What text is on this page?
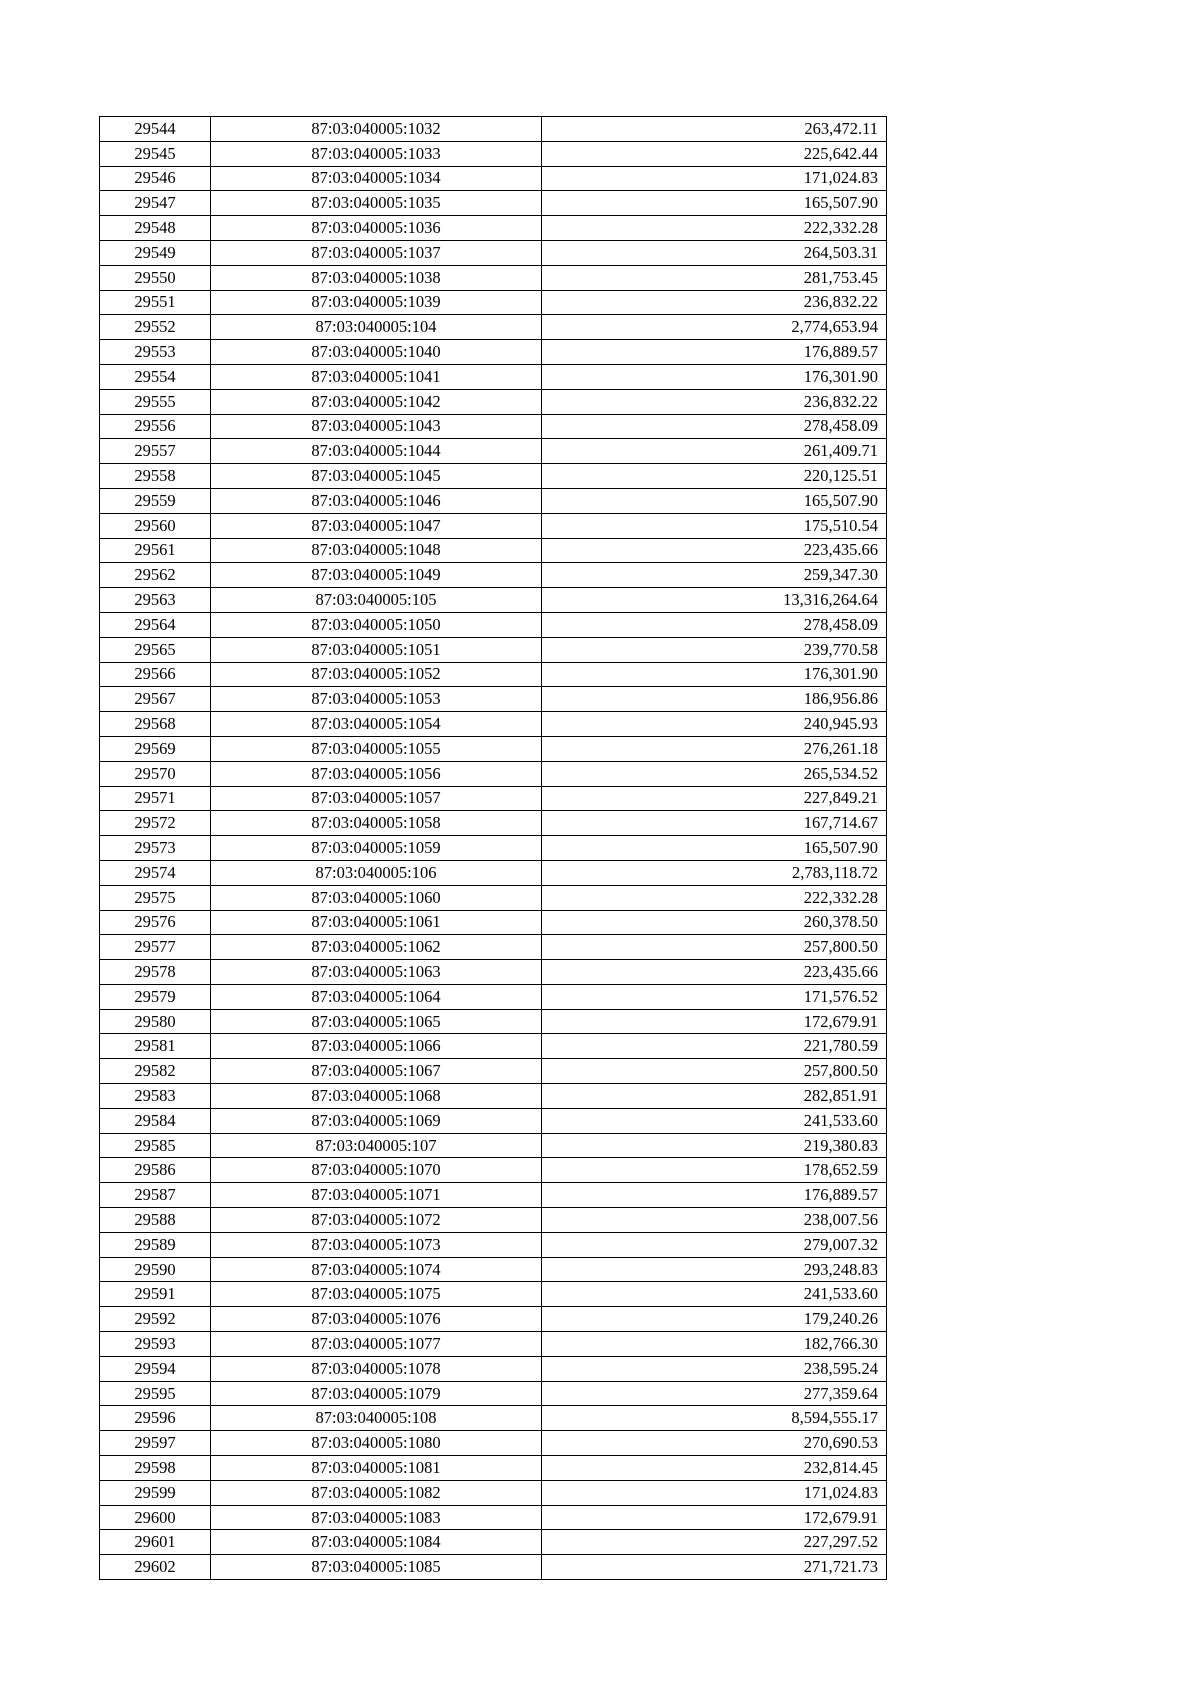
29544	87:03:040005:1032	263,472.11
29545	87:03:040005:1033	225,642.44
29546	87:03:040005:1034	171,024.83
29547	87:03:040005:1035	165,507.90
29548	87:03:040005:1036	222,332.28
29549	87:03:040005:1037	264,503.31
29550	87:03:040005:1038	281,753.45
29551	87:03:040005:1039	236,832.22
29552	87:03:040005:104	2,774,653.94
29553	87:03:040005:1040	176,889.57
29554	87:03:040005:1041	176,301.90
29555	87:03:040005:1042	236,832.22
29556	87:03:040005:1043	278,458.09
29557	87:03:040005:1044	261,409.71
29558	87:03:040005:1045	220,125.51
29559	87:03:040005:1046	165,507.90
29560	87:03:040005:1047	175,510.54
29561	87:03:040005:1048	223,435.66
29562	87:03:040005:1049	259,347.30
29563	87:03:040005:105	13,316,264.64
29564	87:03:040005:1050	278,458.09
29565	87:03:040005:1051	239,770.58
29566	87:03:040005:1052	176,301.90
29567	87:03:040005:1053	186,956.86
29568	87:03:040005:1054	240,945.93
29569	87:03:040005:1055	276,261.18
29570	87:03:040005:1056	265,534.52
29571	87:03:040005:1057	227,849.21
29572	87:03:040005:1058	167,714.67
29573	87:03:040005:1059	165,507.90
29574	87:03:040005:106	2,783,118.72
29575	87:03:040005:1060	222,332.28
29576	87:03:040005:1061	260,378.50
29577	87:03:040005:1062	257,800.50
29578	87:03:040005:1063	223,435.66
29579	87:03:040005:1064	171,576.52
29580	87:03:040005:1065	172,679.91
29581	87:03:040005:1066	221,780.59
29582	87:03:040005:1067	257,800.50
29583	87:03:040005:1068	282,851.91
29584	87:03:040005:1069	241,533.60
29585	87:03:040005:107	219,380.83
29586	87:03:040005:1070	178,652.59
29587	87:03:040005:1071	176,889.57
29588	87:03:040005:1072	238,007.56
29589	87:03:040005:1073	279,007.32
29590	87:03:040005:1074	293,248.83
29591	87:03:040005:1075	241,533.60
29592	87:03:040005:1076	179,240.26
29593	87:03:040005:1077	182,766.30
29594	87:03:040005:1078	238,595.24
29595	87:03:040005:1079	277,359.64
29596	87:03:040005:108	8,594,555.17
29597	87:03:040005:1080	270,690.53
29598	87:03:040005:1081	232,814.45
29599	87:03:040005:1082	171,024.83
29600	87:03:040005:1083	172,679.91
29601	87:03:040005:1084	227,297.52
29602	87:03:040005:1085	271,721.73
